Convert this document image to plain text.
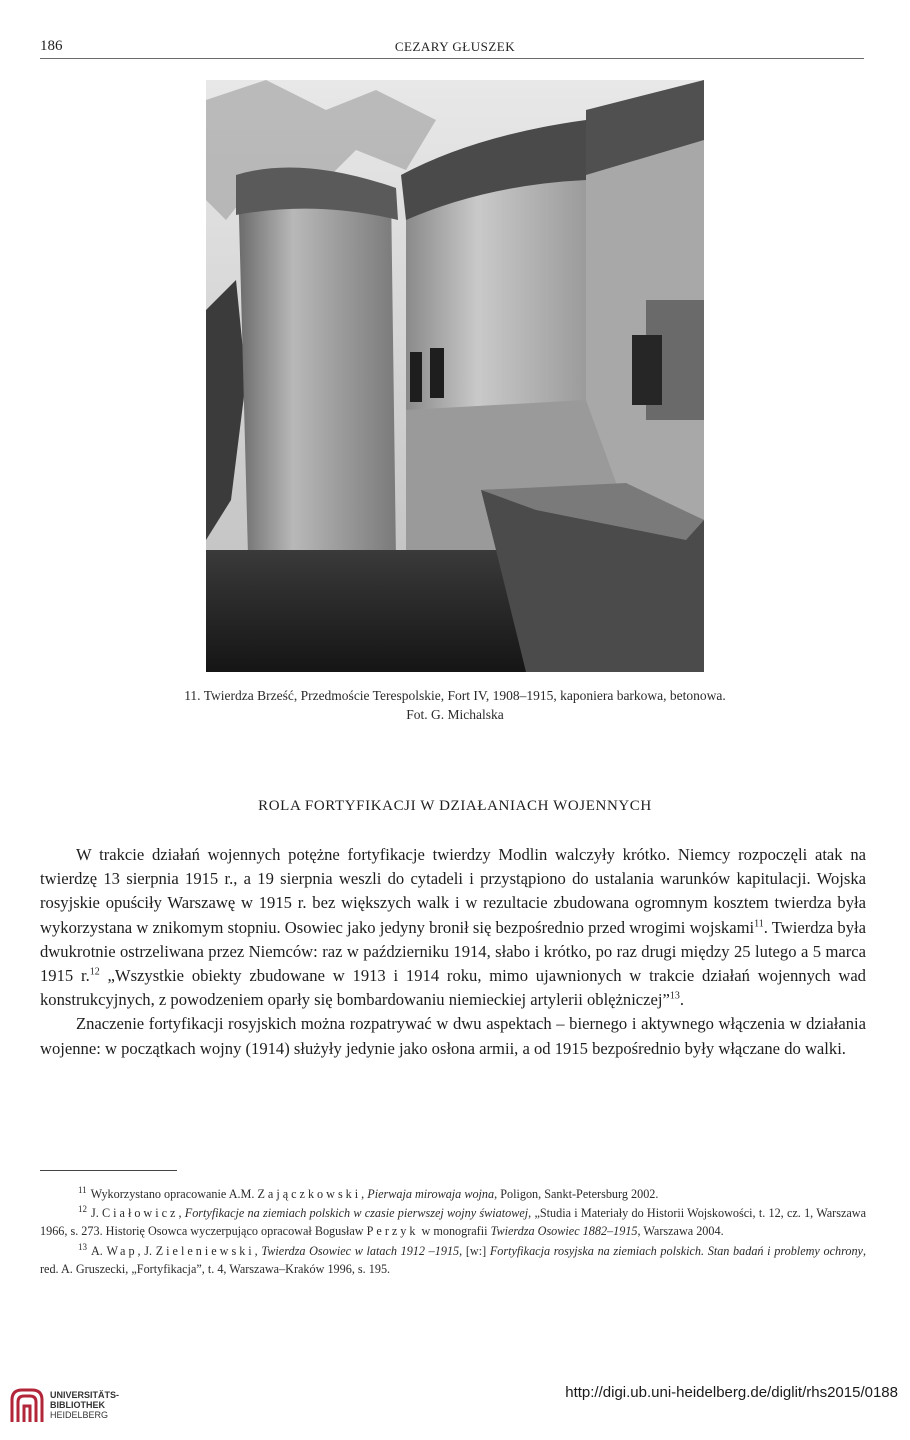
186	CEZARY GŁUSZEK
11. Twierdza Brześć, Przedmoście Terespolskie, Fort IV, 1908–1915, kaponiera barkowa, betonowa.
Fot. G. Michalska
ROLA FORTYFIKACJI W DZIAŁANIACH WOJENNYCH

W trakcie działań wojennych potężne fortyfikacje twierdzy Modlin walczyły krótko. Niemcy rozpoczęli atak na twierdzę 13 sierpnia 1915 r., a 19 sierpnia weszli do cytadeli i przystąpiono do ustalania warunków kapitulacji. Wojska rosyjskie opuściły Warszawę w 1915 r. bez większych walk i w rezultacie zbudowana ogromnym kosztem twierdza była wykorzystana w znikomym stopniu. Osowiec jako jedyny bronił się bezpośrednio przed wrogimi wojskami$^{11}$. Twierdza była dwukrotnie ostrzeliwana przez Niemców: raz w październiku 1914, słabo i krótko, po raz drugi między 25 lutego a 5 marca 1915 r.$^{12}$ „Wszystkie obiekty zbudowane w 1913 i 1914 roku, mimo ujawnionych w trakcie działań wojennych wad konstrukcyjnych, z powodzeniem oparły się bombardowaniu niemieckiej artylerii oblężniczej”$^{13}$.

Znaczenie fortyfikacji rosyjskich można rozpatrywać w dwu aspektach – biernego i aktywnego włączenia w działania wojenne: w początkach wojny (1914) służyły jedynie jako osłona armii, a od 1915 bezpośrednio były włączane do walki.

$^{11}$ Wykorzystano opracowanie A.M. Zajączkowski, Pierwaja mirowaja wojna, Poligon, Sankt-Petersburg 2002.

$^{12}$ J. Ciałowicz, Fortyfikacje na ziemiach polskich w czasie pierwszej wojny światowej, „Studia i Materiały do Historii Wojskowości, t. 12, cz. 1, Warszawa 1966, s. 273. Historię Osowca wyczerpująco opracował Bogusław Perzyk w monografii Twierdza Osowiec 1882–1915, Warszawa 2004.

$^{13}$ A. Wap, J. Zieleniewski, Twierdza Osowiec w latach 1912 –1915, [w:] Fortyfikacja rosyjska na ziemiach polskich. Stan badań i problemy ochrony, red. A. Gruszecki, „Fortyfikacja”, t. 4, Warszawa–Kraków 1996, s. 195.

UNIVERSITÄTS-
BIBLIOTHEK
HEIDELBERG
http://digi.ub.uni-heidelberg.de/diglit/rhs2015/0188
